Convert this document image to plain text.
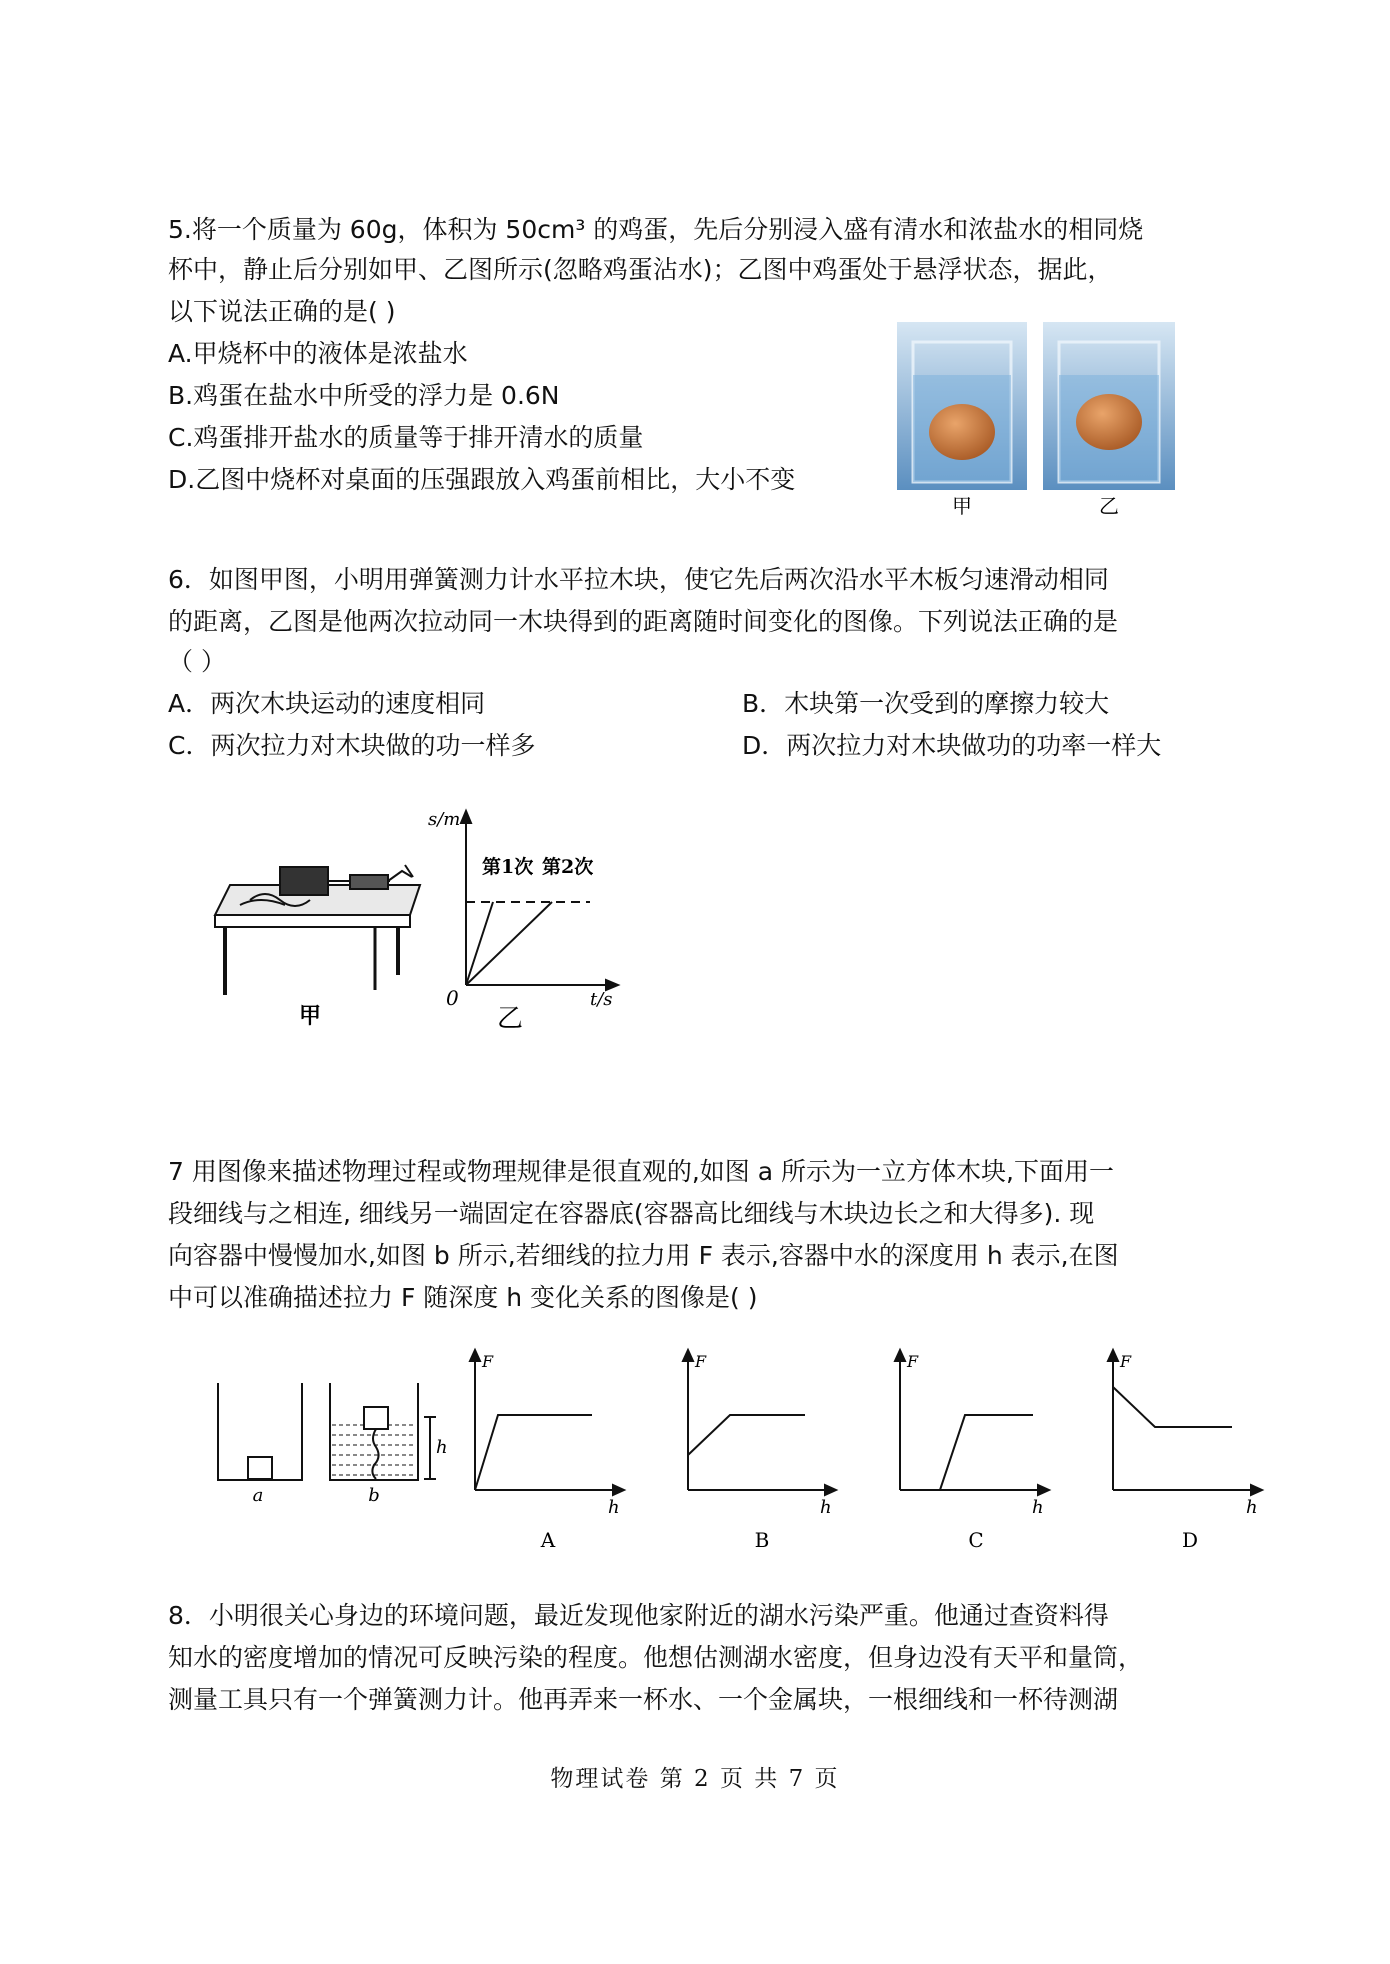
5.将一个质量为 60g，体积为 50cm³ 的鸡蛋，先后分别浸入盛有清水和浓盐水的相同烧
杯中，静止后分别如甲、乙图所示(忽略鸡蛋沾水)；乙图中鸡蛋处于悬浮状态，据此，
以下说法正确的是( )
A.甲烧杯中的液体是浓盐水
B.鸡蛋在盐水中所受的浮力是 0.6N
C.鸡蛋排开盐水的质量等于排开清水的质量
D.乙图中烧杯对桌面的压强跟放入鸡蛋前相比，大小不变
甲	乙
6．如图甲图，小明用弹簧测力计水平拉木块，使它先后两次沿水平木板匀速滑动相同
的距离，乙图是他两次拉动同一木块得到的距离随时间变化的图像。下列说法正确的是
（ ）
A．两次木块运动的速度相同	B．木块第一次受到的摩擦力较大
C．两次拉力对木块做的功一样多	D．两次拉力对木块做功的功率一样大
甲
s/m
t/s
0
第1次 第2次
乙
7 用图像来描述物理过程或物理规律是很直观的,如图 a 所示为一立方体木块,下面用一
段细线与之相连, 细线另一端固定在容器底(容器高比细线与木块边长之和大得多). 现
向容器中慢慢加水,如图 b 所示,若细线的拉力用 F 表示,容器中水的深度用 h 表示,在图
中可以准确描述拉力 F 随深度 h 变化关系的图像是( )
a	b
h
F
h
A
F
h
B
F
h
C
F
h
D
8．小明很关心身边的环境问题，最近发现他家附近的湖水污染严重。他通过查资料得
知水的密度增加的情况可反映污染的程度。他想估测湖水密度，但身边没有天平和量筒，
测量工具只有一个弹簧测力计。他再弄来一杯水、一个金属块，一根细线和一杯待测湖
物理试卷 第 2 页 共 7 页
